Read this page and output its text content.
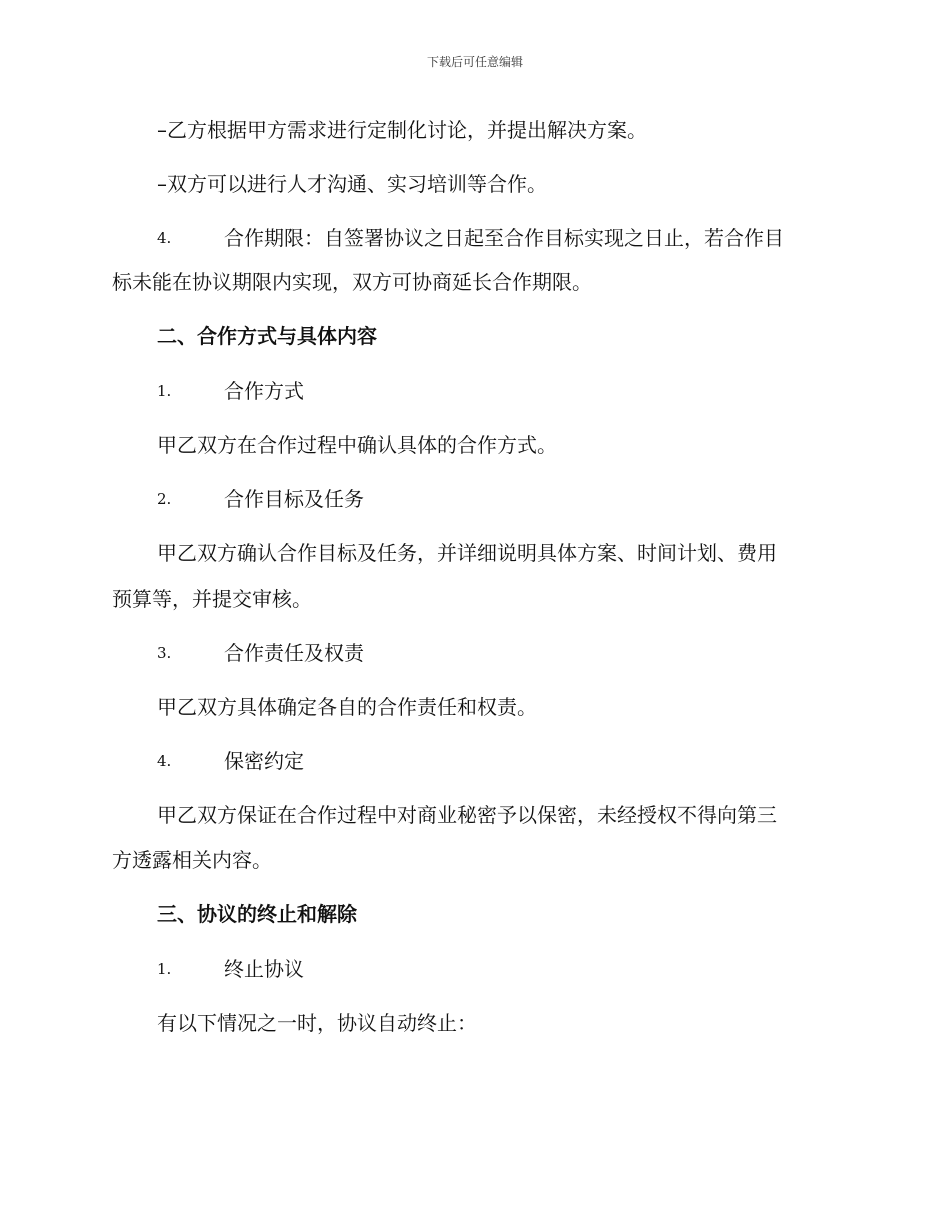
下载后可任意编辑
–乙方根据甲方需求进行定制化讨论，并提出解决方案。
–双方可以进行人才沟通、实习培训等合作。
4.	合作期限：自签署协议之日起至合作目标实现之日止，若合作目
标未能在协议期限内实现，双方可协商延长合作期限。
二、合作方式与具体内容
1.	合作方式
甲乙双方在合作过程中确认具体的合作方式。
2.	合作目标及任务
甲乙双方确认合作目标及任务，并详细说明具体方案、时间计划、费用
预算等，并提交审核。
3.	合作责任及权责
甲乙双方具体确定各自的合作责任和权责。
4.	保密约定
甲乙双方保证在合作过程中对商业秘密予以保密，未经授权不得向第三
方透露相关内容。
三、协议的终止和解除
1.	终止协议
有以下情况之一时，协议自动终止：
